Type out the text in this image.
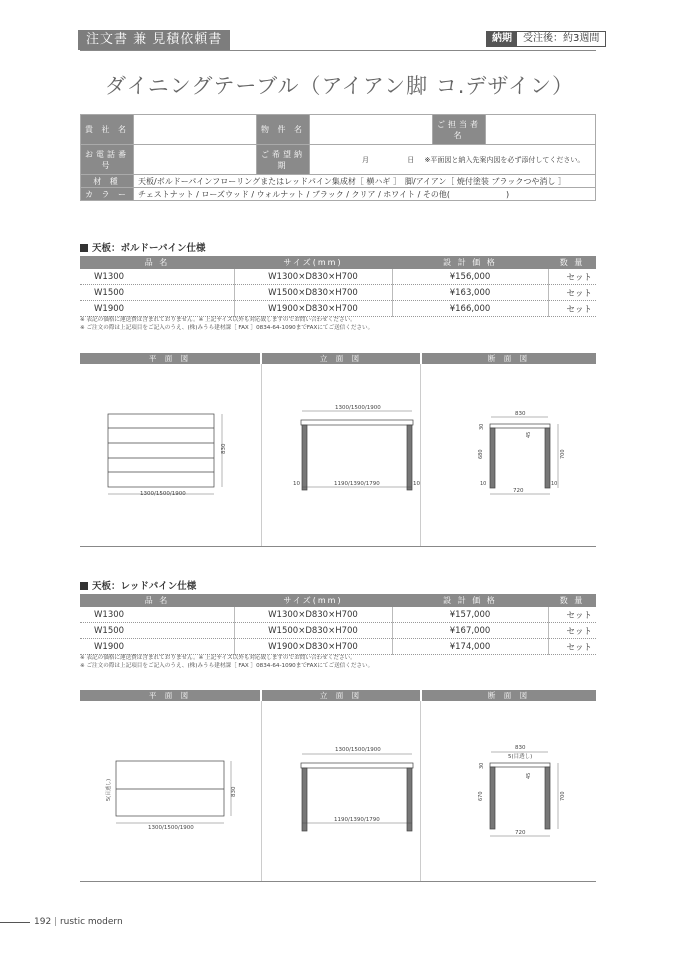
注文書 兼 見積依頼書	納期	受注後：約3週間
ダイニングテーブル（アイアン脚 コ.デザイン）
貴 社 名		物 件 名		ご担当者名	
お電話番号		ご希望納期	月 日 ※平面図と納入先案内図を必ず添付してください。		
材 種	天板/ボルドーパインフローリングまたはレッドパイン集成材［ 横ハギ ］　脚/アイアン［ 焼付塗装 ブラックつや消し ］				
カ ラ ー	チェストナット / ローズウッド / ウォルナット / ブラック / クリア / ホワイト / その他(　　　　　　　)				
天板：ボルドーパイン仕様
品 名	サイズ(mm)	設 計 価 格	数 量
W1300	W1300×D830×H700	¥156,000	セット
W1500	W1500×D830×H700	¥163,000	セット
W1900	W1900×D830×H700	¥166,000	セット
※ 表記の価格に運送費は含まれておりません。※ 上記サイズ以外も対応致しますのでお問い合わせください。
※ ご注文の際は上記項目をご記入のうえ、(株)みうら建材課［ FAX ］0834-64-1090までFAXにてご送信ください。
平 面 図	立 面 図	断 面 図
1300/1500/1900
830
1300/1500/1900
1190/1390/1790
10	10
830
720
30
680
45
700
10	10
天板：レッドパイン仕様
品 名	サイズ(mm)	設 計 価 格	数 量
W1300	W1300×D830×H700	¥157,000	セット
W1500	W1500×D830×H700	¥167,000	セット
W1900	W1900×D830×H700	¥174,000	セット
※ 表記の価格に運送費は含まれておりません。※ 上記サイズ以外も対応致しますのでお問い合わせください。
※ ご注文の際は上記項目をご記入のうえ、(株)みうら建材課［ FAX ］0834-64-1090までFAXにてご送信ください。
平 面 図	立 面 図	断 面 図
1300/1500/1900
830
5(目透し)
1300/1500/1900
1190/1390/1790
830
5(目透し)
720
30
670
45
700
192 | rustic modern
